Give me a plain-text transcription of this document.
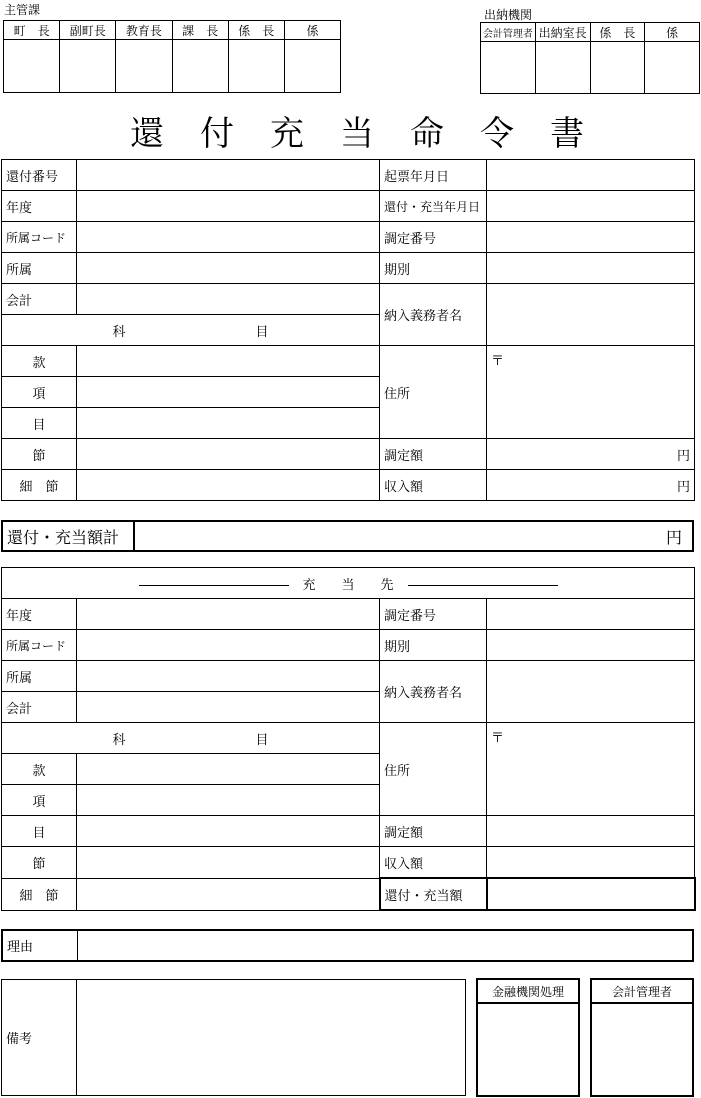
主管課
町　長	副町長	教育長	課　長	係　長	係
出納機関
会計管理者 出納室長	係　長	係
還付充当命令書
還付番号		起票年月日	
年度		還付・充当年月日	
所属コード		調定番号	
所属		期別	
会計		納入義務者名	
科　　　　　　　　　　目			
款		住所	〒
項			
目			
節		調定額	円
細　節		収入額	円
還付・充当額計	円
充　　当　　先			
年度		調定番号	
所属コード		期別	
所属		納入義務者名	
会計			
科　　　　　　　　　　目		住所	〒
款			
項			
目		調定額	
節		収入額	
細　節		還付・充当額	
理由
備考
金融機関処理	会計管理者
